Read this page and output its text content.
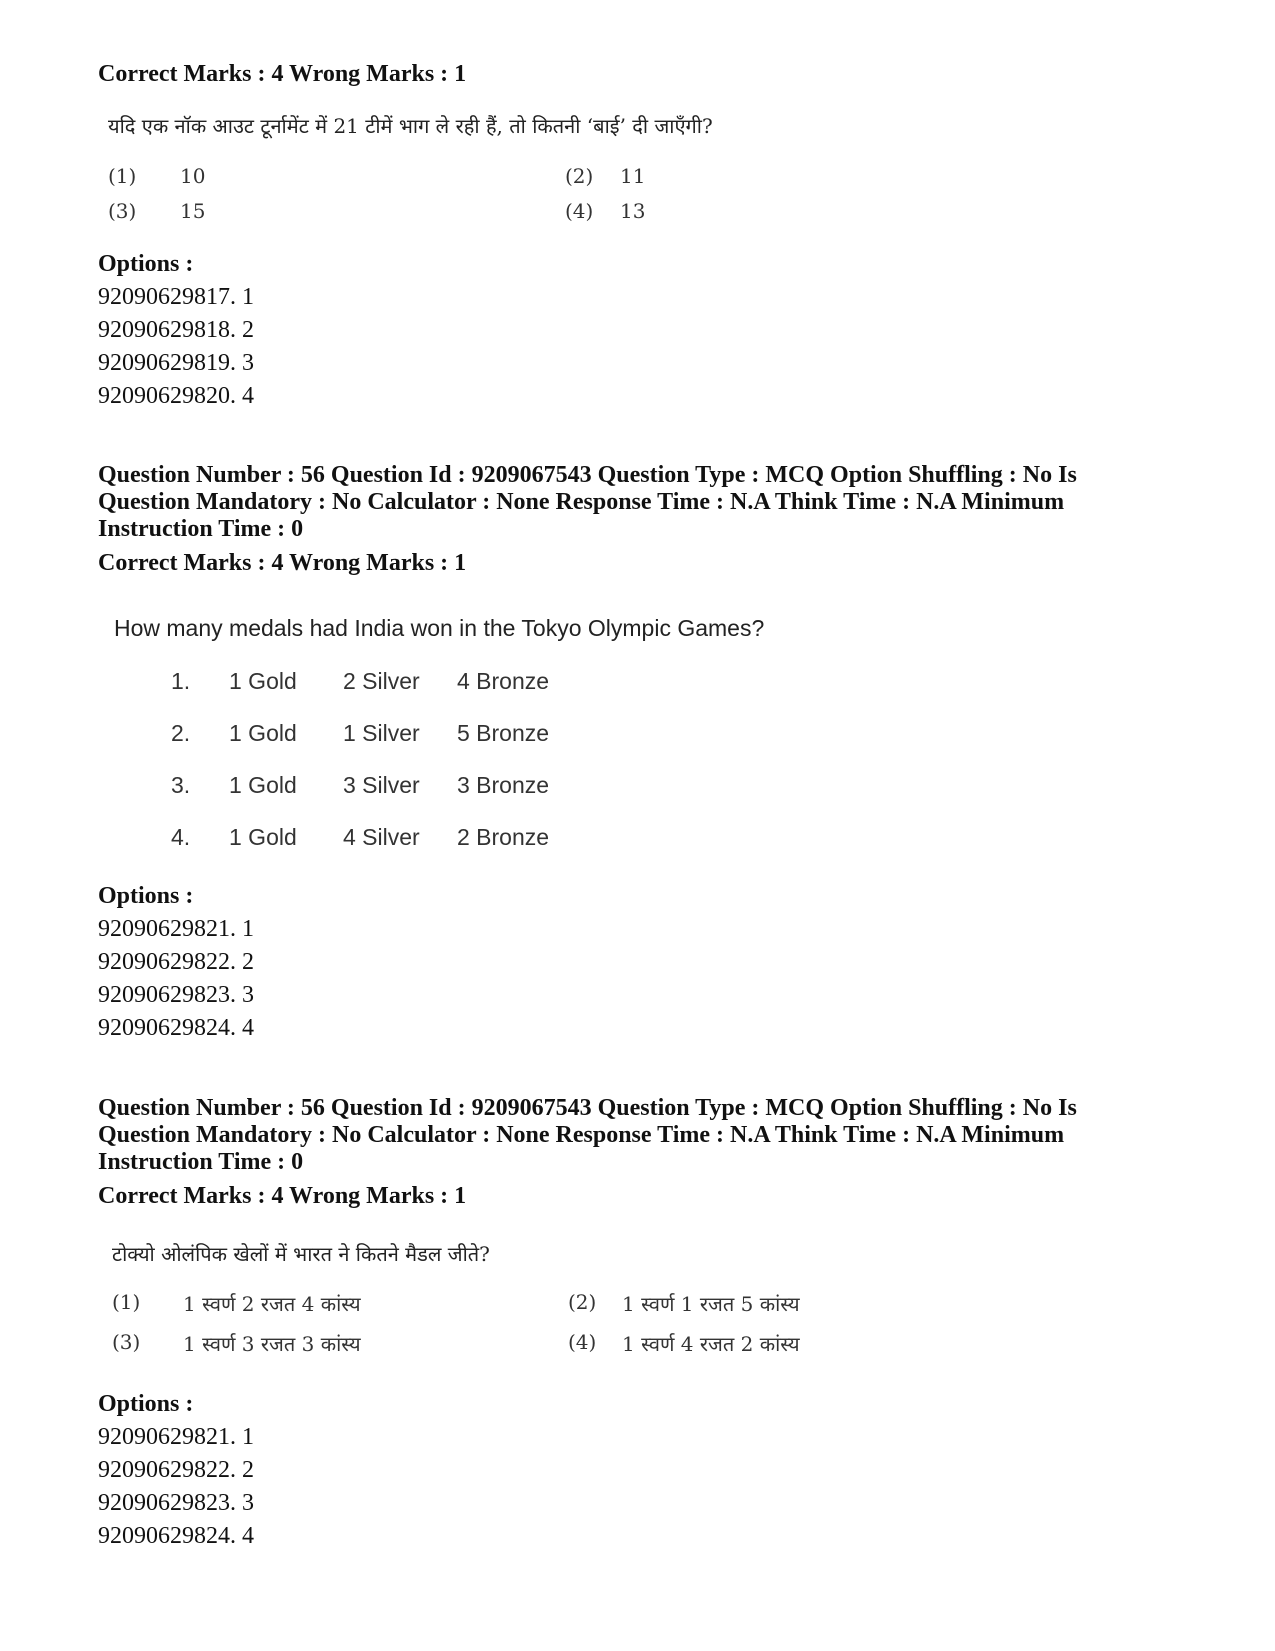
Correct Marks : 4 Wrong Marks : 1
यदि एक नॉक आउट टूर्नामेंट में 21 टीमें भाग ले रही हैं, तो कितनी ‘बाई’ दी जाएँगी?
(1) 10	(2) 11
(3) 15	(4) 13
Options :
92090629817. 1
92090629818. 2
92090629819. 3
92090629820. 4
Question Number : 56 Question Id : 9209067543 Question Type : MCQ Option Shuffling : No Is
Question Mandatory : No Calculator : None Response Time : N.A Think Time : N.A Minimum
Instruction Time : 0
Correct Marks : 4 Wrong Marks : 1
How many medals had India won in the Tokyo Olympic Games?
1. 1 Gold 2 Silver 4 Bronze
2. 1 Gold 1 Silver 5 Bronze
3. 1 Gold 3 Silver 3 Bronze
4. 1 Gold 4 Silver 2 Bronze
Options :
92090629821. 1
92090629822. 2
92090629823. 3
92090629824. 4
Question Number : 56 Question Id : 9209067543 Question Type : MCQ Option Shuffling : No Is
Question Mandatory : No Calculator : None Response Time : N.A Think Time : N.A Minimum
Instruction Time : 0
Correct Marks : 4 Wrong Marks : 1
टोक्यो ओलंपिक खेलों में भारत ने कितने मैडल जीते?
(1) 1 स्वर्ण 2 रजत 4 कांस्य	(2) 1 स्वर्ण 1 रजत 5 कांस्य
(3) 1 स्वर्ण 3 रजत 3 कांस्य	(4) 1 स्वर्ण 4 रजत 2 कांस्य
Options :
92090629821. 1
92090629822. 2
92090629823. 3
92090629824. 4
